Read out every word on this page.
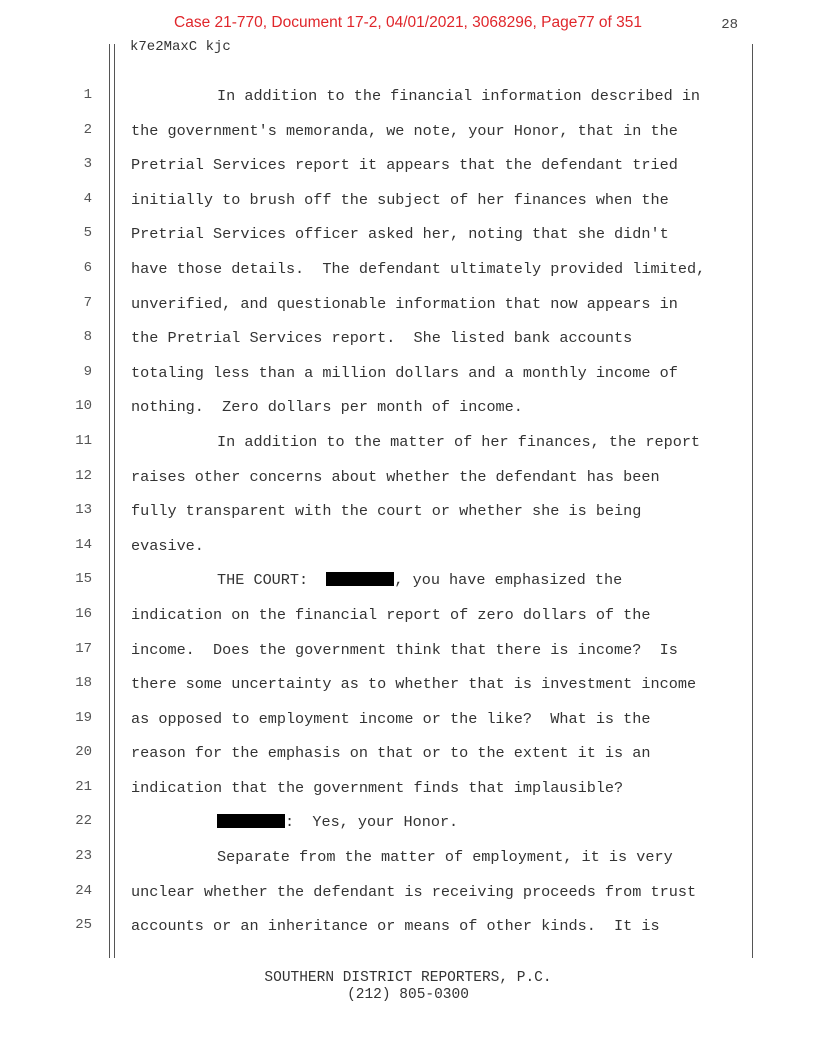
Case 21-770, Document 17-2, 04/01/2021, 3068296, Page77 of 351	28
k7e2MaxC kjc
1	In addition to the financial information described in
2	the government's memoranda, we note, your Honor, that in the
3	Pretrial Services report it appears that the defendant tried
4	initially to brush off the subject of her finances when the
5	Pretrial Services officer asked her, noting that she didn't
6	have those details.  The defendant ultimately provided limited,
7	unverified, and questionable information that now appears in
8	the Pretrial Services report.  She listed bank accounts
9	totaling less than a million dollars and a monthly income of
10	nothing.  Zero dollars per month of income.
11	In addition to the matter of her finances, the report
12	raises other concerns about whether the defendant has been
13	fully transparent with the court or whether she is being
14	evasive.
15	THE COURT:	, you have emphasized the
16	indication on the financial report of zero dollars of the
17	income.  Does the government think that there is income?  Is
18	there some uncertainty as to whether that is investment income
19	as opposed to employment income or the like?  What is the
20	reason for the emphasis on that or to the extent it is an
21	indication that the government finds that implausible?
22	:  Yes, your Honor.
23	Separate from the matter of employment, it is very
24	unclear whether the defendant is receiving proceeds from trust
25	accounts or an inheritance or means of other kinds.  It is
SOUTHERN DISTRICT REPORTERS, P.C.
(212) 805-0300
